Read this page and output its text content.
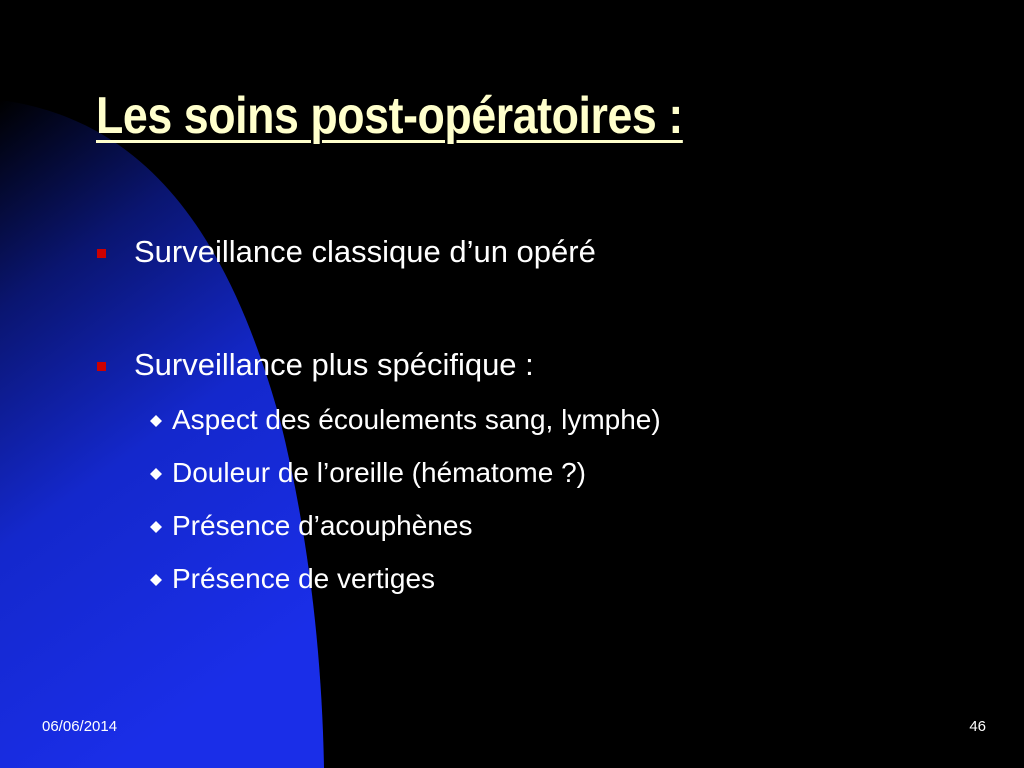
Les soins post-opératoires :
Surveillance classique d’un opéré
Surveillance plus spécifique :
Aspect des écoulements sang, lymphe)
Douleur de l’oreille (hématome ?)
Présence d’acouphènes
Présence de vertiges
06/06/2014	46
